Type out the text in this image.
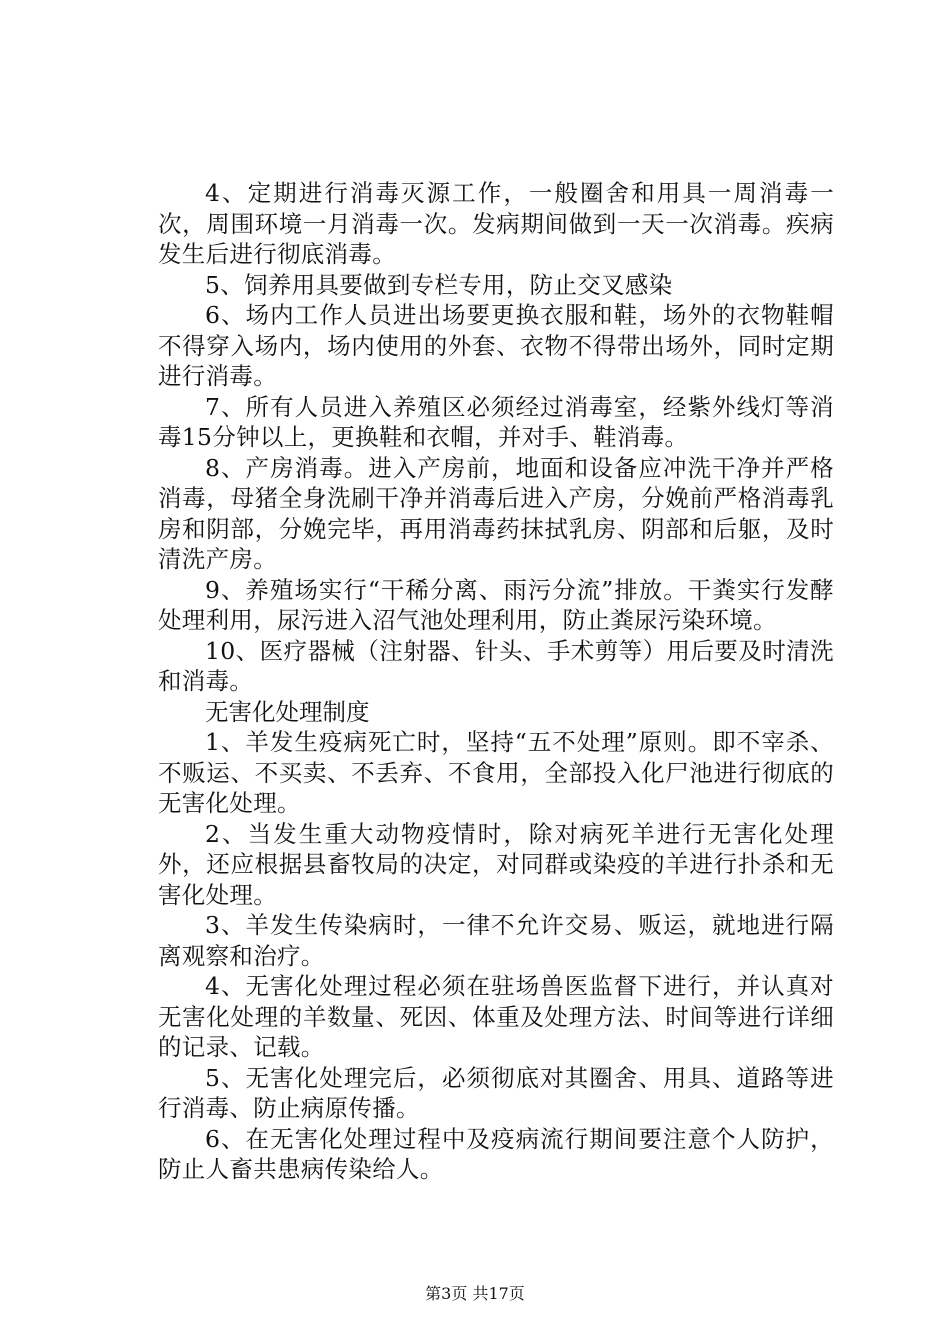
4、定期进行消毒灭源工作，一般圈舍和用具一周消毒一次，周围环境一月消毒一次。发病期间做到一天一次消毒。疾病发生后进行彻底消毒。

5、饲养用具要做到专栏专用，防止交叉感染

6、场内工作人员进出场要更换衣服和鞋，场外的衣物鞋帽不得穿入场内，场内使用的外套、衣物不得带出场外，同时定期进行消毒。

7、所有人员进入养殖区必须经过消毒室，经紫外线灯等消毒15分钟以上，更换鞋和衣帽，并对手、鞋消毒。

8、产房消毒。进入产房前，地面和设备应冲洗干净并严格消毒，母猪全身洗刷干净并消毒后进入产房，分娩前严格消毒乳房和阴部，分娩完毕，再用消毒药抹拭乳房、阴部和后躯，及时清洗产房。

9、养殖场实行“干稀分离、雨污分流”排放。干粪实行发酵处理利用，尿污进入沼气池处理利用，防止粪尿污染环境。

10、医疗器械（注射器、针头、手术剪等）用后要及时清洗和消毒。

无害化处理制度

1、羊发生疫病死亡时，坚持“五不处理”原则。即不宰杀、不贩运、不买卖、不丢弃、不食用，全部投入化尸池进行彻底的无害化处理。

2、当发生重大动物疫情时，除对病死羊进行无害化处理外，还应根据县畜牧局的决定，对同群或染疫的羊进行扑杀和无害化处理。

3、羊发生传染病时，一律不允许交易、贩运，就地进行隔离观察和治疗。

4、无害化处理过程必须在驻场兽医监督下进行，并认真对无害化处理的羊数量、死因、体重及处理方法、时间等进行详细的记录、记载。

5、无害化处理完后，必须彻底对其圈舍、用具、道路等进行消毒、防止病原传播。

6、在无害化处理过程中及疫病流行期间要注意个人防护，防止人畜共患病传染给人。

第3页 共17页
